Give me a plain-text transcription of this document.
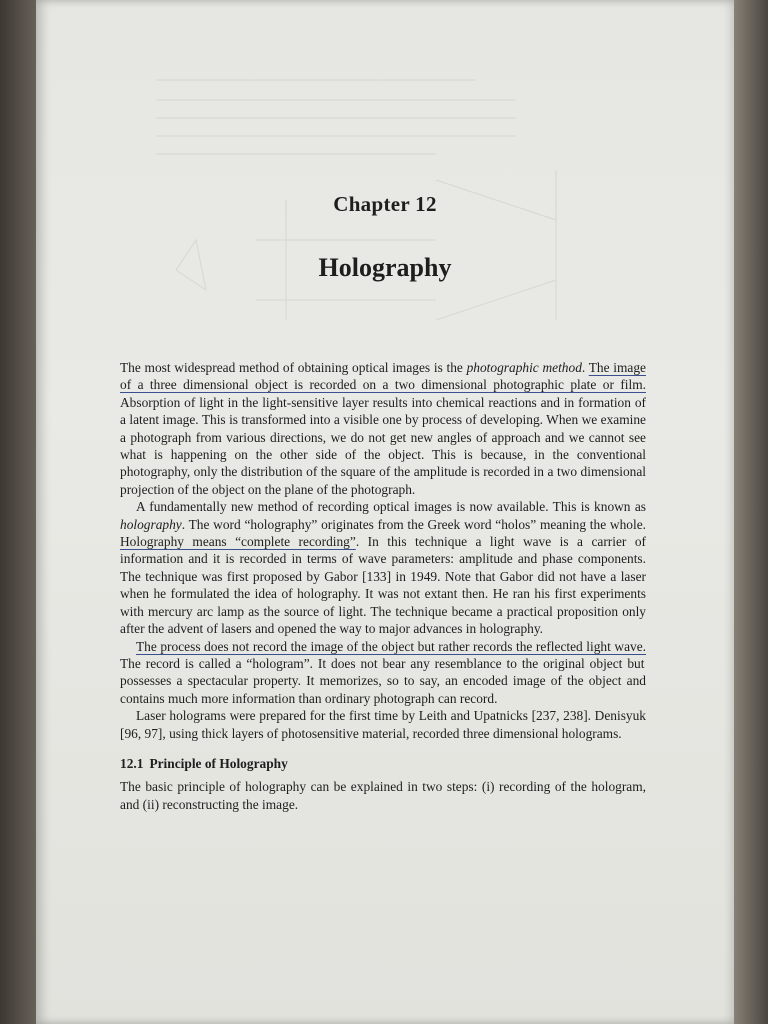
Chapter 12
Holography

The most widespread method of obtaining optical images is the photographic method. The image of a three dimensional object is recorded on a two dimensional photographic plate or film. Absorption of light in the light-sensitive layer results into chemical reactions and in formation of a latent image. This is transformed into a visible one by process of developing. When we examine a photograph from various directions, we do not get new angles of approach and we cannot see what is happening on the other side of the object. This is because, in the conventional photography, only the distribution of the square of the amplitude is recorded in a two dimensional projection of the object on the plane of the photograph.

A fundamentally new method of recording optical images is now available. This is known as holography. The word “holography” originates from the Greek word “holos” meaning the whole. Holography means “complete recording”. In this technique a light wave is a carrier of information and it is recorded in terms of wave parameters: amplitude and phase components. The technique was first proposed by Gabor [133] in 1949. Note that Gabor did not have a laser when he formulated the idea of holography. It was not extant then. He ran his first experiments with mercury arc lamp as the source of light. The technique became a practical proposition only after the advent of lasers and opened the way to major advances in holography.

The process does not record the image of the object but rather records the reflected light wave. The record is called a “hologram”. It does not bear any resemblance to the original object but possesses a spectacular property. It memorizes, so to say, an encoded image of the object and contains much more information than ordinary photograph can record.

Laser holograms were prepared for the first time by Leith and Upatnicks [237, 238]. Denisyuk [96, 97], using thick layers of photosensitive material, recorded three dimensional holograms.

12.1 Principle of Holography

The basic principle of holography can be explained in two steps: (i) recording of the hologram, and (ii) reconstructing the image.
